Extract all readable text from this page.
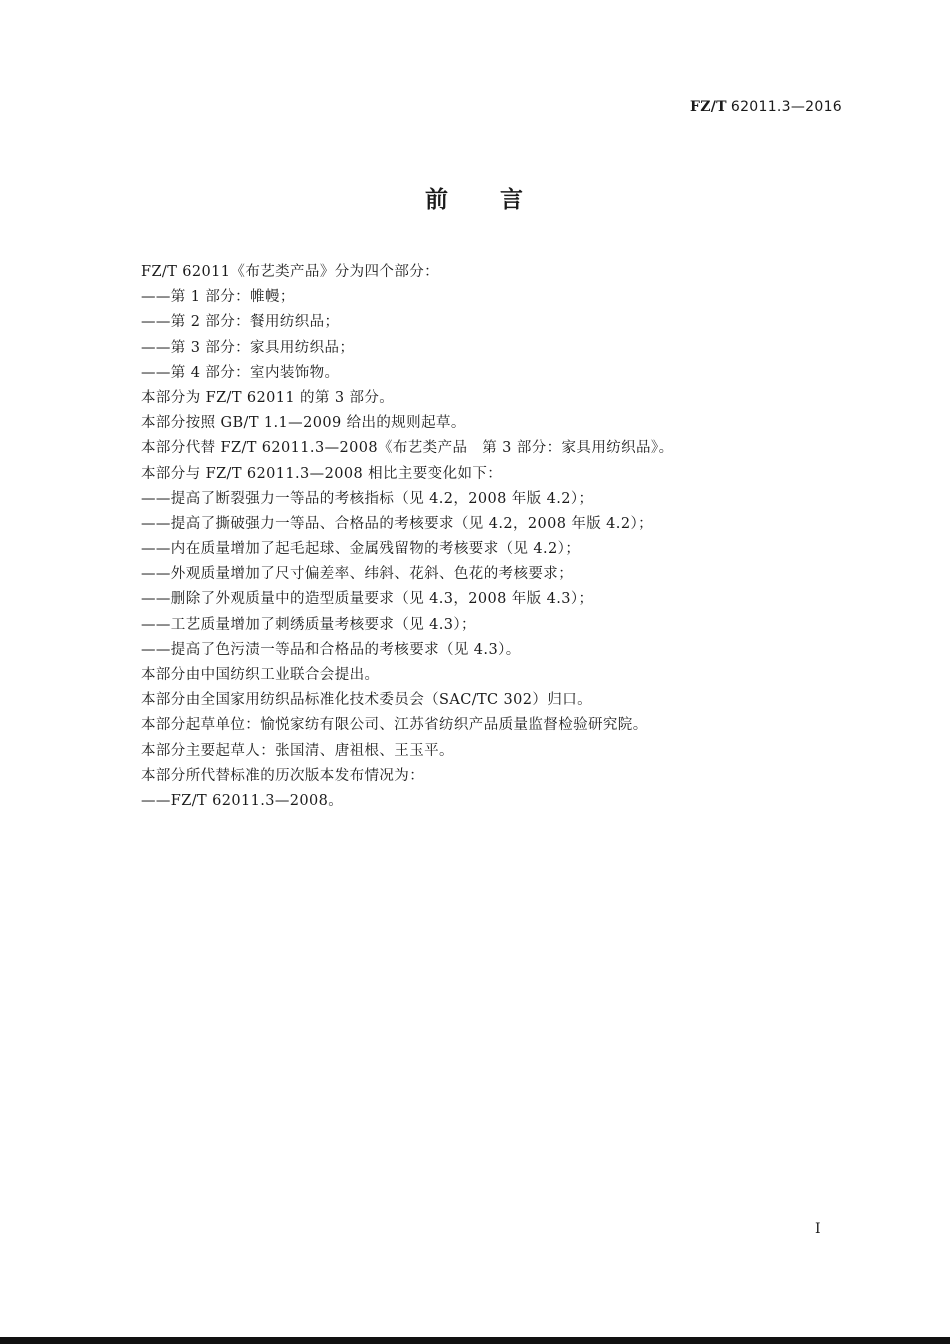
FZ/T 62011.3—2016
前 言
FZ/T 62011《布艺类产品》分为四个部分：
——第 1 部分：帷幔；
——第 2 部分：餐用纺织品；
——第 3 部分：家具用纺织品；
——第 4 部分：室内装饰物。
本部分为 FZ/T 62011 的第 3 部分。
本部分按照 GB/T 1.1—2009 给出的规则起草。
本部分代替 FZ/T 62011.3—2008《布艺类产品　第 3 部分：家具用纺织品》。
本部分与 FZ/T 62011.3—2008 相比主要变化如下：
——提高了断裂强力一等品的考核指标（见 4.2，2008 年版 4.2）；
——提高了撕破强力一等品、合格品的考核要求（见 4.2，2008 年版 4.2）；
——内在质量增加了起毛起球、金属残留物的考核要求（见 4.2）；
——外观质量增加了尺寸偏差率、纬斜、花斜、色花的考核要求；
——删除了外观质量中的造型质量要求（见 4.3，2008 年版 4.3）；
——工艺质量增加了刺绣质量考核要求（见 4.3）；
——提高了色污渍一等品和合格品的考核要求（见 4.3）。
本部分由中国纺织工业联合会提出。
本部分由全国家用纺织品标准化技术委员会（SAC/TC 302）归口。
本部分起草单位：愉悦家纺有限公司、江苏省纺织产品质量监督检验研究院。
本部分主要起草人：张国清、唐祖根、王玉平。
本部分所代替标准的历次版本发布情况为：
——FZ/T 62011.3—2008。
I
